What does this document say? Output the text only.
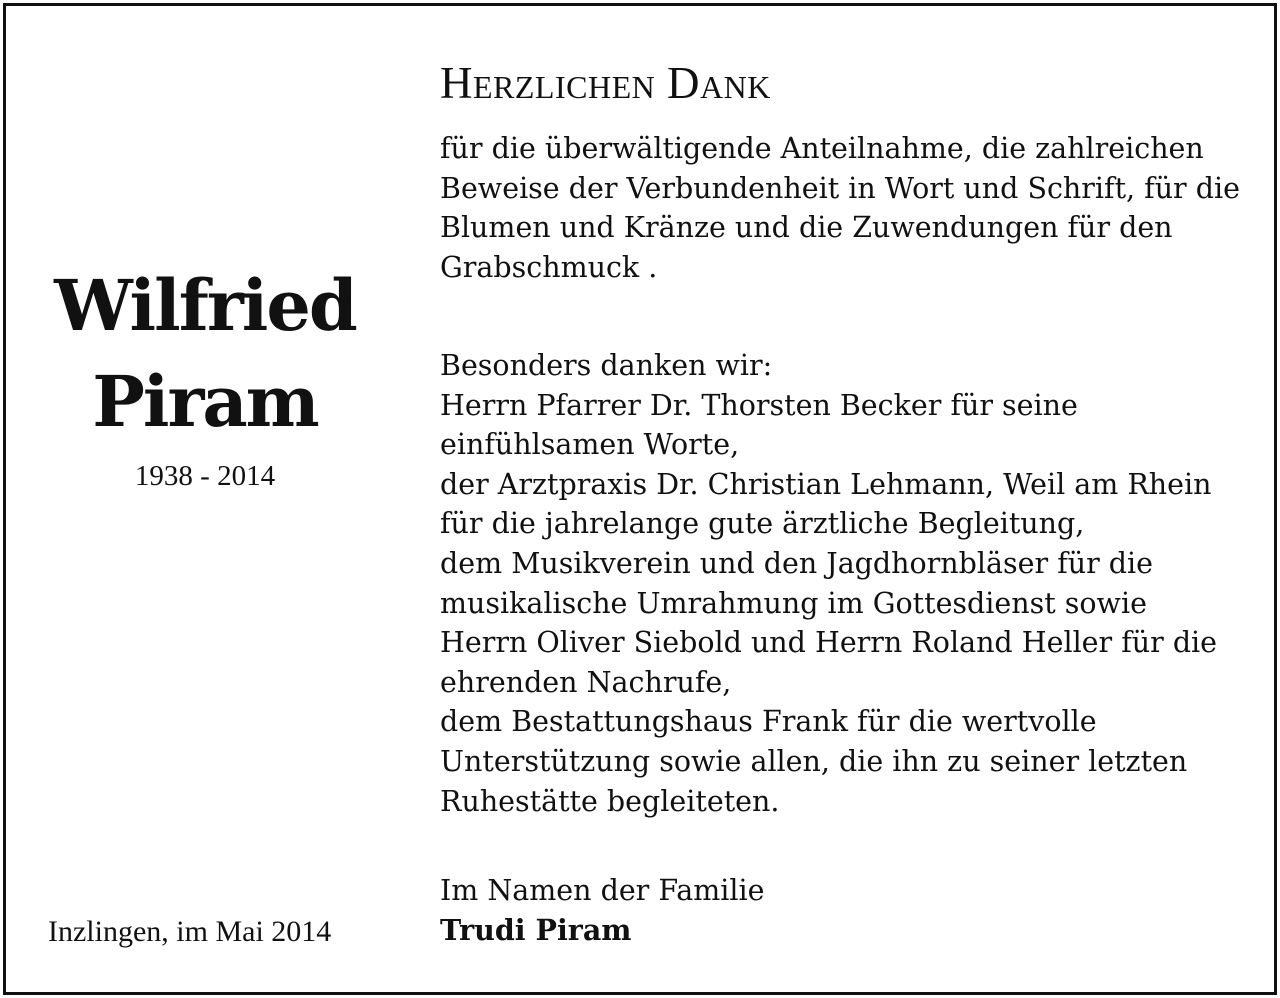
Wilfried
Piram
1938 - 2014
Inzlingen, im Mai 2014
Herzlichen Dank
für die überwältigende Anteilnahme, die zahlreichen
Beweise der Verbundenheit in Wort und Schrift, für die
Blumen und Kränze und die Zuwendungen für den
Grabschmuck .
Besonders danken wir:
Herrn Pfarrer Dr. Thorsten Becker für seine
einfühlsamen Worte,
der Arztpraxis Dr. Christian Lehmann, Weil am Rhein
für die jahrelange gute ärztliche Begleitung,
dem Musikverein und den Jagdhornbläser für die
musikalische Umrahmung im Gottesdienst sowie
Herrn Oliver Siebold und Herrn Roland Heller für die
ehrenden Nachrufe,
dem Bestattungshaus Frank für die wertvolle
Unterstützung sowie allen, die ihn zu seiner letzten
Ruhestätte begleiteten.
Im Namen der Familie
Trudi Piram
